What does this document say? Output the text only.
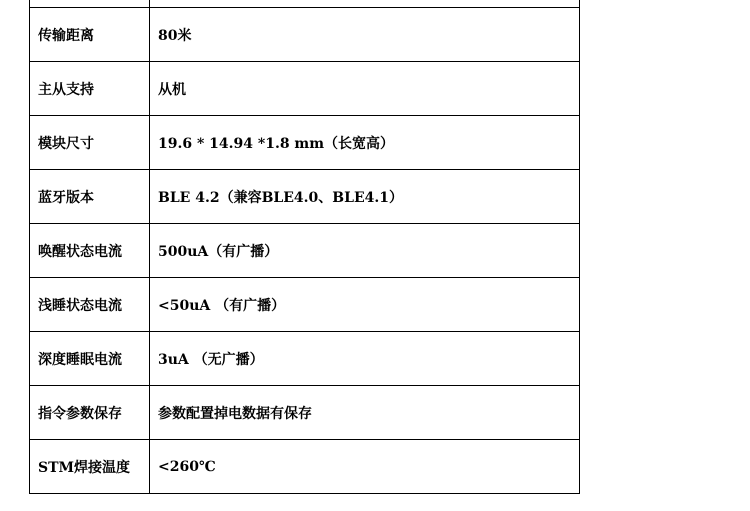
传输距离	80米
主从支持	从机
模块尺寸	19.6 * 14.94 *1.8 mm（长宽高）
蓝牙版本	BLE 4.2（兼容BLE4.0、BLE4.1）
唤醒状态电流	500uA（有广播）
浅睡状态电流	<50uA （有广播）
深度睡眠电流	3uA （无广播）
指令参数保存	参数配置掉电数据有保存
STM焊接温度	<260℃
